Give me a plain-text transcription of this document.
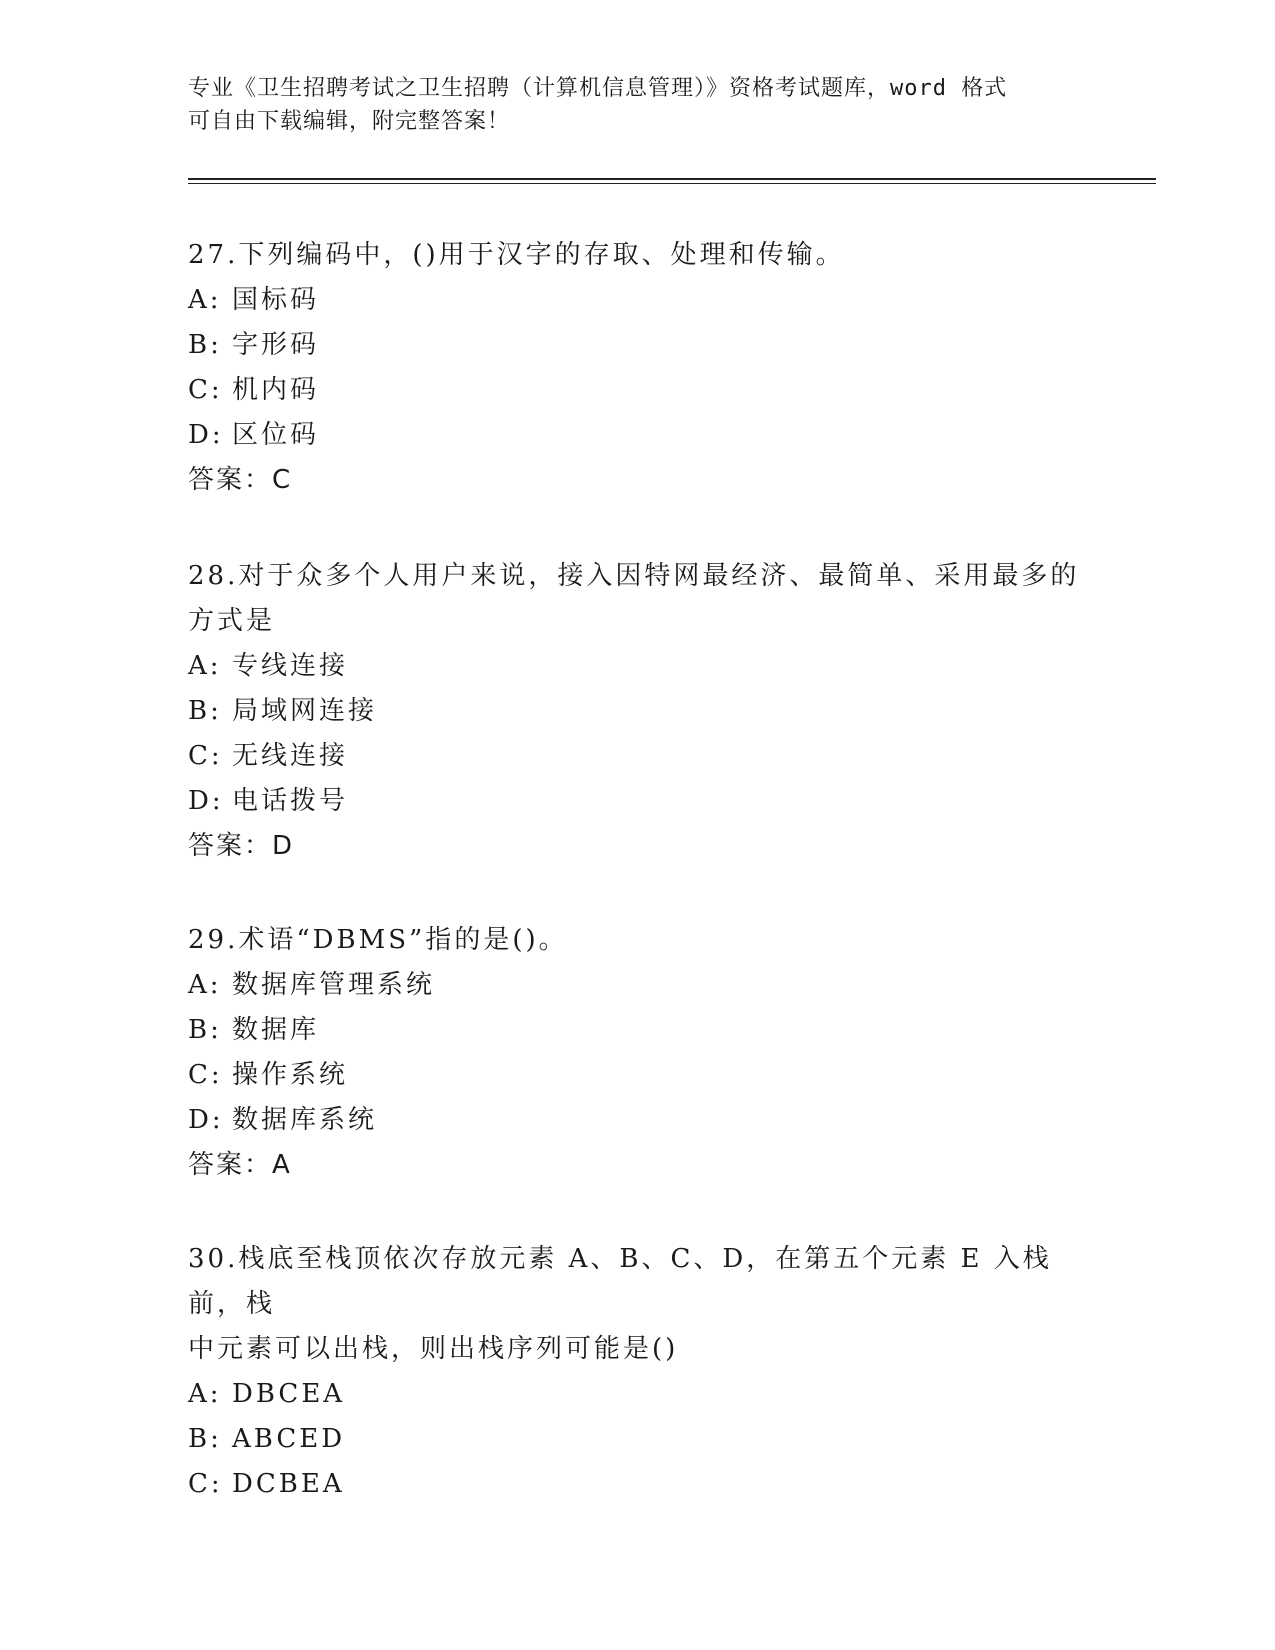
专业《卫生招聘考试之卫生招聘（计算机信息管理）》资格考试题库，word 格式
可自由下载编辑，附完整答案！

27.下列编码中，()用于汉字的存取、处理和传输。

A: 国标码

B: 字形码

C: 机内码

D: 区位码

答案：C

28.对于众多个人用户来说，接入因特网最经济、最简单、采用最多的

方式是

A: 专线连接

B: 局域网连接

C: 无线连接

D: 电话拨号

答案：D

29.术语“DBMS”指的是()。

A: 数据库管理系统

B: 数据库

C: 操作系统

D: 数据库系统

答案：A

30.栈底至栈顶依次存放元素 A、B、C、D，在第五个元素 E 入栈前，栈

中元素可以出栈，则出栈序列可能是()

A: DBCEA

B: ABCED

C: DCBEA
